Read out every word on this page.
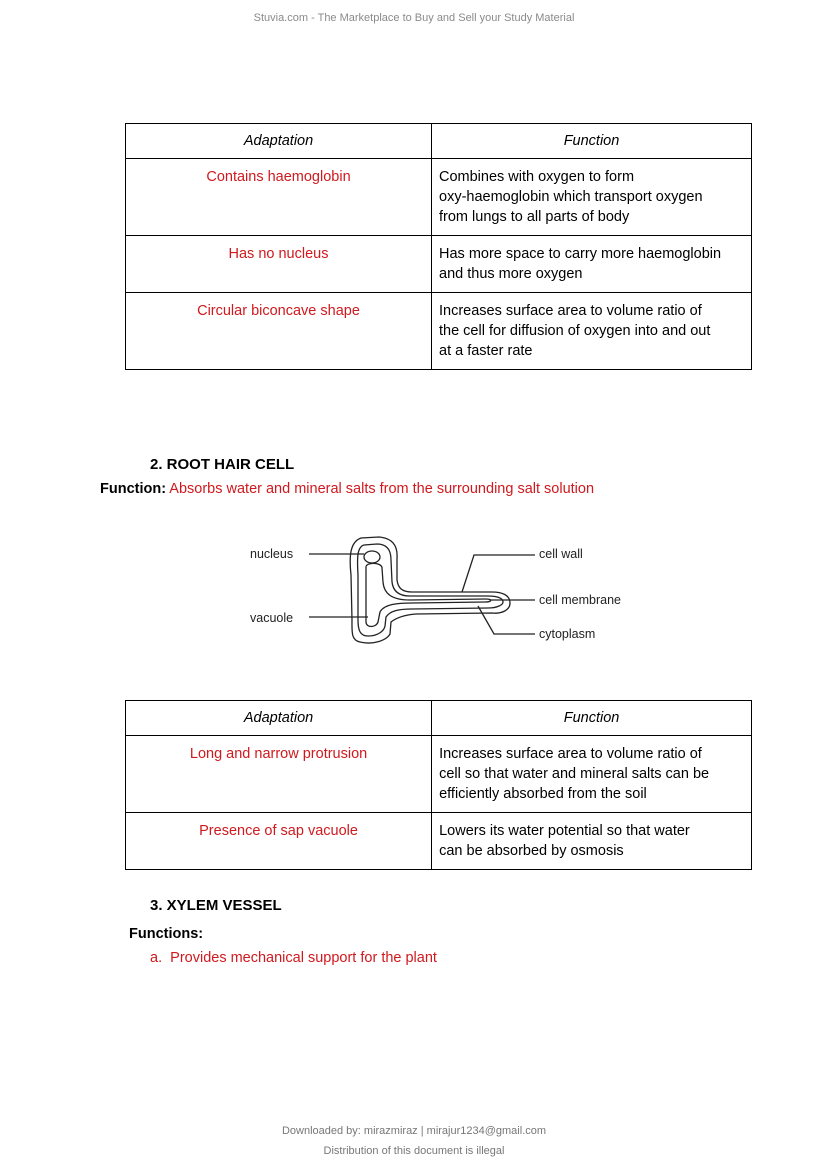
Stuvia.com - The Marketplace to Buy and Sell your Study Material
Adaptation	Function
Contains haemoglobin	Combines with oxygen to form
oxy-haemoglobin which transport oxygen
from lungs to all parts of body

Has no nucleus	Has more space to carry more haemoglobin
and thus more oxygen

Circular biconcave shape	Increases surface area to volume ratio of
the cell for diffusion of oxygen into and out
at a faster rate
2. ROOT HAIR CELL
Function: Absorbs water and mineral salts from the surrounding salt solution
nucleus
vacuole
cell wall
cell membrane
cytoplasm
Adaptation	Function
Long and narrow protrusion	Increases surface area to volume ratio of
cell so that water and mineral salts can be
efficiently absorbed from the soil

Presence of sap vacuole	Lowers its water potential so that water
can be absorbed by osmosis
3. XYLEM VESSEL
Functions:
a. Provides mechanical support for the plant
Downloaded by: mirazmiraz | mirajur1234@gmail.com
Distribution of this document is illegal
